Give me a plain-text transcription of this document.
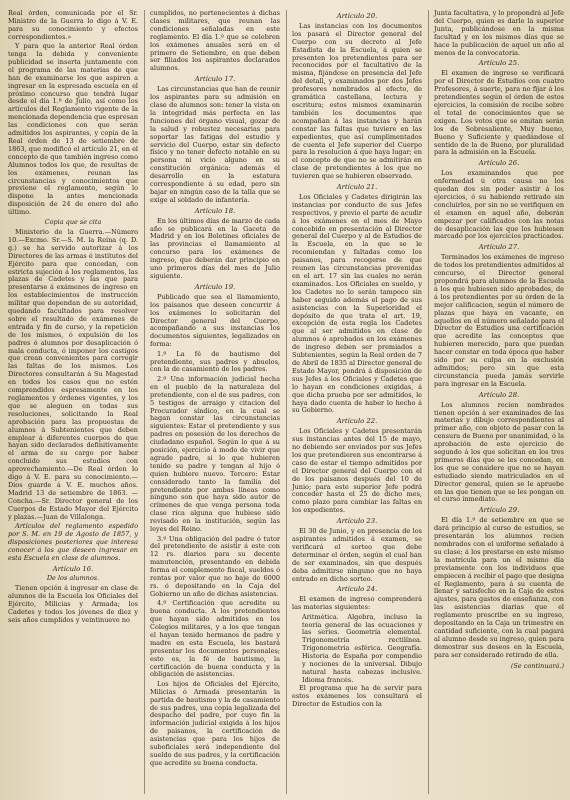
Real órden, comunicada por el Sr. Ministro de la Guerra lo digo á V. E. para su conocimiento y efectos correspondientes.»

Y para que la anterior Real órden tenga la debida y conveniente publicidad se inserta juntamente con el programa de las materias de que han de examinarse los que aspiren a ingresar en la espresada escuela en el próximo concurso que tendrá lugar desde el día 1.º de Julio, así como los artículos del Reglamento vigente de la mencionada dependencia que espresan las condiciones con que serán admitidos los aspirantes, y copia de la Real órden de 13 de setiembre de 1863, que modificó el artículo 21, en el concepto de que también ingreso como Alumnos todos los que, de resultas de los exámenes, reunan las circunstancias y conocimientos que previene el reglamento, según lo dispone la antes mencionada disposición de 24 de enero del año último.

Copia que se cita

Ministerio de la Guerra.—Número 10.—Excmo. Sr.—S. M. la Reina (q. D. g.) se ha servido autorizar á los Directores de las armas é institutos del Ejército para que concedan, con estricta sujeción á los reglamentos, las plazas de Cadetes y las que para presentarse á exámenes de ingreso en los establecimientos de instrucción militar que dependan de su autoridad, quedando facultados para resolver sobre el resultado de exámenes de entrada y fin de curso, y la repetición de los mismos, ó expulsión de los padres ó alumnos por desaplicación ó mala conducta, ó imponer los castigos que crean convenientes para corregir las faltas de los mismos. Los Directores consultarán á Su Magestad en todos los casos que no estén comprendidos espresamente en los reglamentos y órdenes vigentes, y los que se aleguen en todas sus resoluciones, solicitando la Real aprobación para las propuestas de alumnos á Subtenientes que deben emplear á diferentes cuerpos de que hayan sido declarados definitivamente el arma de su cargo por haber concluido sus estudios con aprovechamiento.—De Real órden lo digo á V. E. para su conocimiento.—Dios guarde á V. E. muchos años. Madrid 13 de setiembre de 1863. —Concha.—Sr. Director general de los Cuerpos de Estado Mayor del Ejército y plazas.—Juan de Villalonga.

Artículos del reglamento espedido por S. M. en 19 de Agosto de 1857, y disposiciones posteriores que interesa conocer á los que deseen ingresar en esta Escuela en clase de alumnos.

Artículo 16.

De los alumnos.

Tienen opción á ingresar en clase de alumnos de la Escuela los Oficiales del Ejército, Milicias y Armada; los Cadetes y todos los jóvenes de diez y seis años cumplidos y veintinueve no

cumplidos, no pertenecientes á dichas clases militares, que reunan las condiciones señaladas en este reglamento. El día 1.º que se celebren los exámenes anuales será en el primero de Setiembre, en que deben ser filiados los aspirantes declarados alumnos.

Artículo 17.

Las circunstancias que han de reunir los aspirantes para su admisión en clase de alumnos son: tener la vista en la integridad más perfecta en las funciones del órgano visual, gozar de la salud y robustez necesarias para soportar las fatigas del estudio y servicio del Cuerpo, estar sin defecto físico y no tener defecto notable en su persona ni vicio alguno en su constitución orgánica: además el desarrollo en la estatura correspondiente á su edad, pero sin bajar en ningún caso de la talla que se exige al soldado de infantería.

Artículo 18.

En los últimos días de marzo de cada año se publicará en la Gaceta de Madrid y en los Boletines oficiales de las provincias el llamamiento al concurso para los exámenes de ingreso, que deberán dar principio en uno primeros días del mes de Julio siguiente.

Artículo 19.

Publicado que sea el llamamiento, los paisanos que deseen concurrir á los exámenes lo solicitarán del Director general del Cuerpo, acompañando a sus instancias los documentos siguientes, legalizados en forma:

1.º La fé de bautismo del pretendiente, sus padres y abuelos, con la de casamiento de los padres.

2.º Una información judicial hecha en el pueblo de la naturaleza del pretendiente, con el de sus padres, con 5 testigos de arraigo y citacion del Procurador síndico, en la cual se hagan constar las circunstancias siguientes: Estar el pretendiente y sus padres en posesión de los derechos de ciudadano español. Según lo que á su posición, ejercicio á modo de vivir que agrade padre, si lo que hubieren tenido su padre y tengan al hijo ó quien hubiere nuevo. Tercero: Estar considerado tanto la familia del pretendiente por ambas líneas como ninguno son que haya sido autor de crímenes de que venga persona toda clase rica alguna que hubiese sido revisado en la institución, según las leyes del Reino.

3.º Una obligación del padre ó tutor del pretendiente de asistir á este con 12 rs. diarios para su decente manutención, presentando en debida forma el complemento fiscal, sueldos ó rentas por valor que no baje de 6000 rs. ó depositando en la Caja del Gobierno un año de dichas asistencias.

4.º Certificación que acredite su buena conducta. A los pretendientes que hayan sido admitidos en los Colegios militares, y a los que tengan el hayan tenido hermanos de padre y madre en esta Escuela, les bastará presentar los documentos personales; esto es, la fé de bautismo, la certificación de buena conducta y la obligación de asistencias.

Los hijos de Oficiales del Ejército, Milicias ó Armada presentarán la partida de bautismo y la de casamiento de sus padres, una copia legalizada del despacho del padre, por cuyo fin la información judicial exigida á los hijos de paisanos, la certificación de asistencias que para los hijos de suboficiales será independiente del sueldo de sus padres, y la certificación que acredite su buena conducta.

Artículo 20.

Las instancias con los documentos los pasará el Director general del Cuerpo con su decreto al Jefe Estadista de la Escuela, á quien se presenten los pretendientes para ser reconocidos por el facultativo de la misma, fijándose en presencia del Jefe del detall, y examinados por dos Jefes profesores nombrados al efecto, de gramática castellana, lectura y escritura; estos mismos examinarán también los documentos que acompañan á las instancias y harán constar las faltas que tuviere en las expedientes, que así cumplimentados de cuenta el Jefe superior del Cuerpo para la resolucion á que haya lugar; en el concepto de que no se admitirán en clase de pretendientes á los que no tuvieren que se hubieren observado.

Artículo 21.

Los Oficiales y Cadetes dirigirán las instancias por conducto de sus Jefes respectivos, y previo el parte de acudir á los exámenes en el mes de Mayo concebido en presentación al Director general del Cuerpo y al de Estudios de la Escuela, en la que se le recomiendan y faltadas como los paisanos, para recogerse de que reunen las circunstancias prevenidas en el art. 17 sin las cuales no serán examinados. Los Oficiales en sueldo, y los Cadetes no lo serán tampoco sin haber seguido además el pago de sus asistencias con la Superioridad el depósito de que trata el art. 19, excepción de esta regla los Cadetes que al ser admitidos en clase de alumnos ó aprobados en los exámenes de ingreso deben ser premiados a Subtenientes, según la Real orden de 7 de Abril de 1835 al Director general de Estado Mayor, pondrá á disposición de sus Jefes á los Oficiales y Cadetes que lo hayan en condiciones exigidas, á que dicha prueba por ser admitidos, le haya dado cuenta de haber lo hecho á su Gobierno.

Artículo 22.

Los Oficiales y Cadetes presentarán sus instancias antes del 15 de mayo, no debiendo ser enviados por sus Jefes los que pretendieren sus encontrarse á caso de estar el tiempo admitidos por el Director general del Cuerpo con el de los paisanos después del 10 de Junio; para este superior Jefe podrá conceder hasta el 25 de dicho mes, como plazo para cambiar las faltas en los expedientes.

Artículo 23.

El 30 de Junio, y en presencia de los aspirantes admitidos á examen, se verificará el sorteo que debe determinar el órden, según el cual han de ser examinados, sin que después deba admitirse ninguno que no haya entrado en dicho sorteo.

Artículo 24.

El examen de ingreso comprenderá las materias siguientes:

Aritmética. Algebra, incluso la teoría general de las ecuaciones y las series. Geometría elemental. Trigonometría rectilínea. Trigonometría esférica. Geografía. Historia de España por compendio y nociones de la universal. Dibujo natural hasta cabezas inclusive. Idioma francés.

El programa que ha de servir para estos exámenes los consultará el Director de Estudios con la

Junta facultativa, y lo propondrá al Jefe del Cuerpo, quien es darle la superior Junta, publicándose en la misma facultad y en los mismos días que se hace la publicación de aquel un año al menos de la convocatoria.

Artículo 25.

El examen de ingreso se verificará por el Director de Estudios con cuatro Profesores, á suerte, para no fijar á los pretendientes según el órden de estos ejercicios, la comisión de recibe sobre el total de conocimientos que se exigen. Los votos que se emitan serán los de Sobresaliente, Muy bueno, Bueno y Suficiente y quedándose el sentido de la de Bueno, por pluralidad para la admisión en la Escuela.

Artículo 26.

Los examinandos que por enfermedad ú otra causa no los quedan dos sin poder asistir á los ejercicios, ó su habiendo retirado sin concluirlos, por sin no se verifiquen en el examen en aquel año, deberán empezar por calificados con las notas de desaplicación las que los hubiesen marcado por los ejercicios practicados.

Artículo 27.

Terminados los exámenes de ingreso de todos los pretendientes admitidos al concurso, el Director general propondrá para alumnos de la Escuela á los que hubiesen sido aprobados, de á los pretendientes por su órden de la mejor calificacion, según el número de plazas que haya en vacante, en aquellos en el número señalado para el Director de Estudios una certificación que acredite las conceptos que hubieren merecido, para que puedan hacer constar en toda época que haber sido por su culpa en la exclusión admitidos; pero sin que esta circunstancia pueda jamás servirle para ingresar en la Escuela.

Artículo 28.

Los alumnos recien nombrados tienen opción á ser examinados de las materias y dibujo correspondientes al primer año, con objeto de pasar con la censura de Bueno por unanimidad, ó la aprobación de este ejercicio de segundo á los que solicitan en los tres primeros días que se les concedan, en los que se considere que no se hayan estudiado siendo matriculados en el Director general, quien se le apruebe en las que tienen que se les pongan en el curso inmediato.

Artículo 29.

El día 1.º de setiembre en que se dará principio al curso de estudios, se presentarán los alumnos recien nombrados con el uniforme señalado á su clase; á los prestarse en este mismo la matrícula para un el mismo día previamente con los individuos que empiecen á recibir el pago que designa el Reglamento, para á su cuenta de llenar y satisfecho en la Caja de estos ajustes, para gastos de enseñanza, con las asistencias diarias que el reglamento prescribe en su ingreso, depositando en la Caja un trimestre en cantidad suficiente, con la cual pagará al alumno desde su ingreso, quien para demostrar sus deseos en la Escuela, para ser considerado retirado de ella.

(Se continuará.)
